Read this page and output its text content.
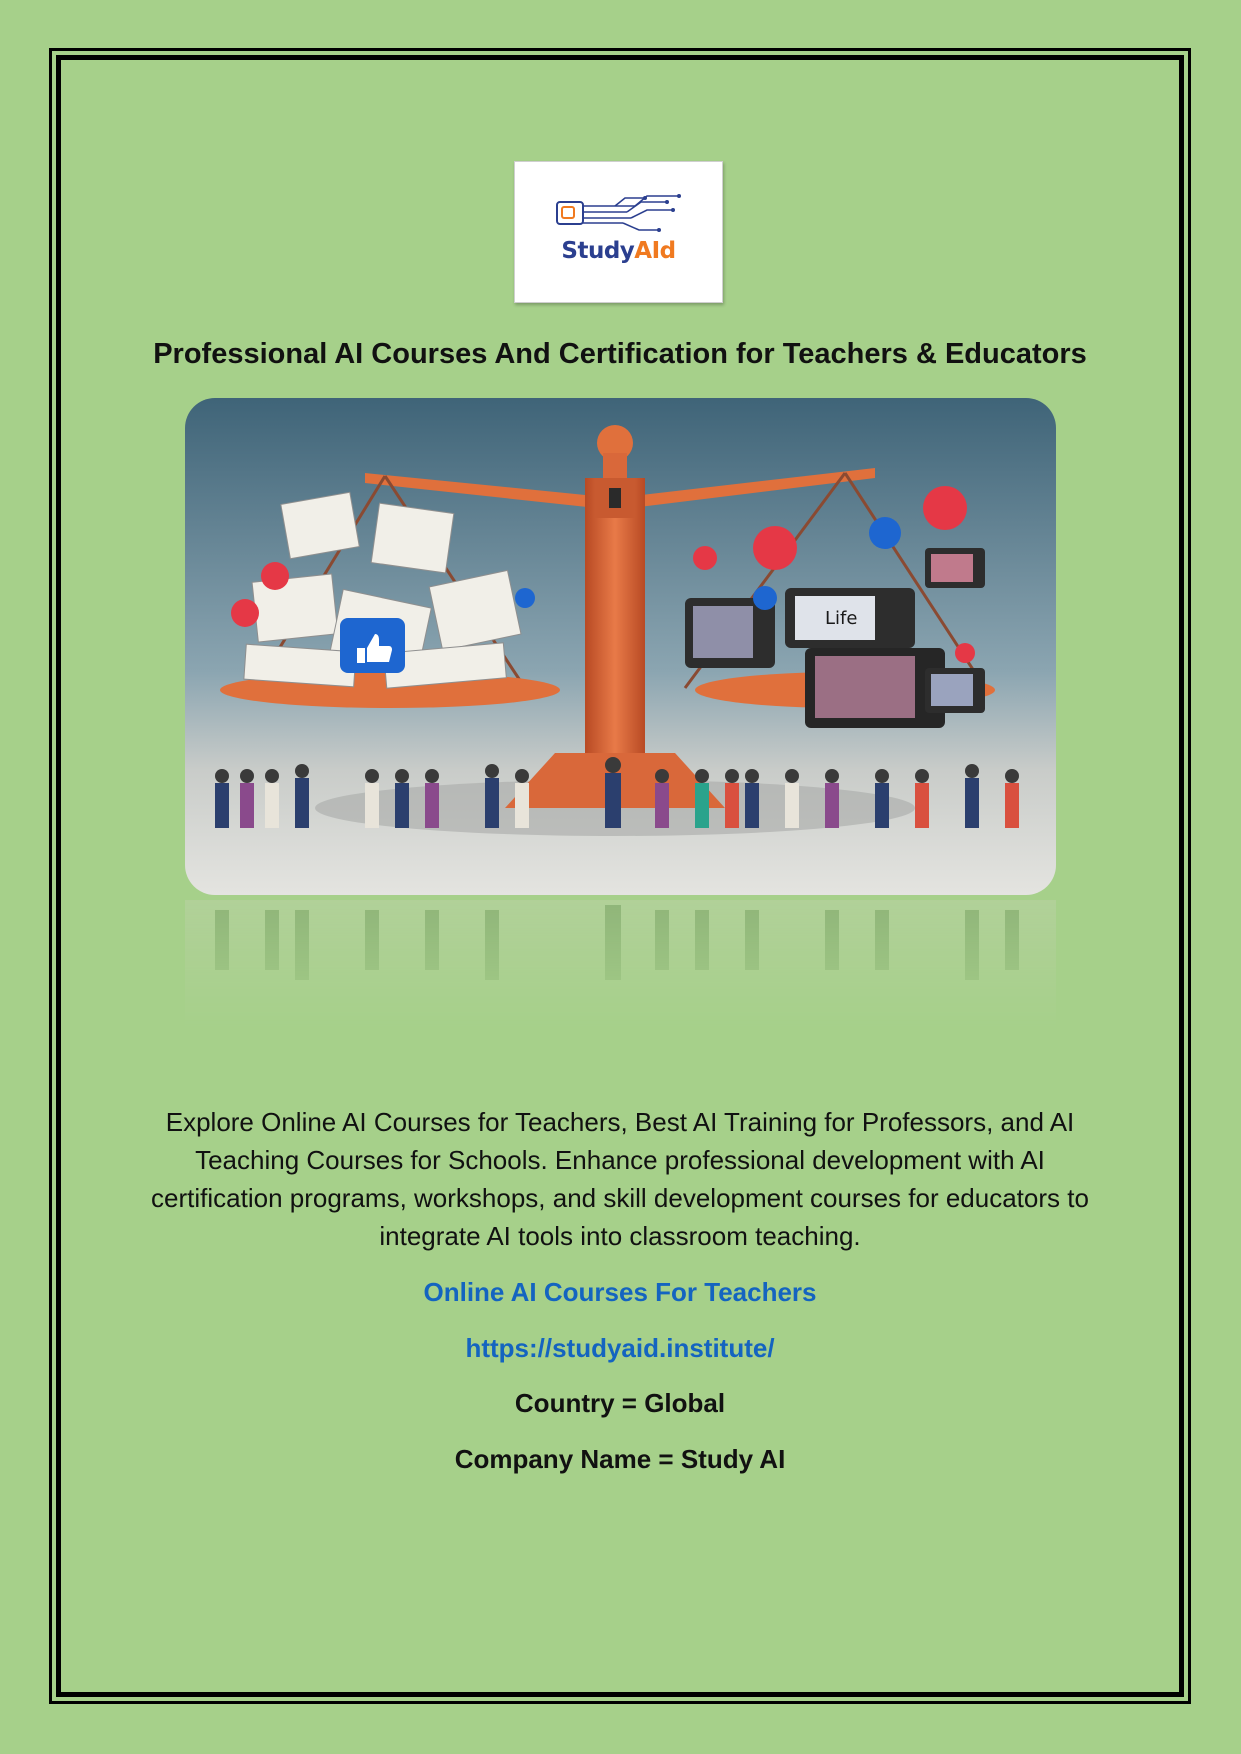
StudyAId
Professional AI Courses And Certification for Teachers & Educators
Life
Explore Online AI Courses for Teachers, Best AI Training for Professors, and AI Teaching Courses for Schools. Enhance professional development with AI certification programs, workshops, and skill development courses for educators to integrate AI tools into classroom teaching.
Online AI Courses For Teachers
https://studyaid.institute/
Country = Global
Company Name = Study AI
